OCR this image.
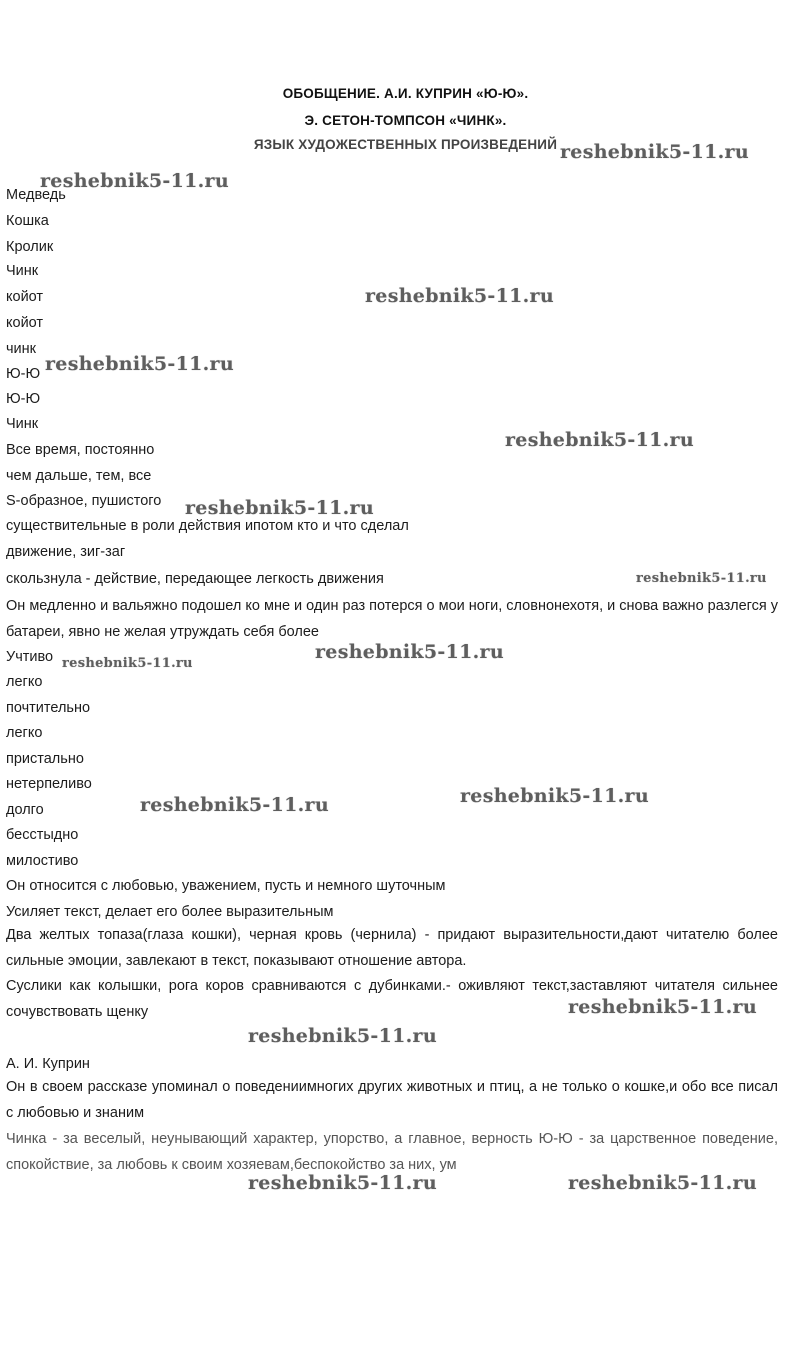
ОБОБЩЕНИЕ. А.И. КУПРИН «Ю-Ю».
Э. СЕТОН-ТОМПСОН «ЧИНК».
ЯЗЫК ХУДОЖЕСТВЕННЫХ ПРОИЗВЕДЕНИЙ
Медведь
Кошка
Кролик
Чинк
койот
койот
чинк
Ю-Ю
Ю-Ю
Чинк
Все время, постоянно
чем дальше, тем, все
S-образное, пушистого
существительные в роли действия ипотом кто и что сделал
движение, зиг-заг
скользнула - действие, передающее легкость движения
Он медленно и вальяжно подошел ко мне и один раз потерся о мои ноги, словнонехотя, и снова важно разлегся у батареи, явно не желая утруждать себя более
Учтиво
легко
почтительно
легко
пристально
нетерпеливо
долго
бесстыдно
милостиво
Он относится с любовью, уважением, пусть и немного шуточным
Усиляет текст, делает его более выразительным
Два желтых топаза(глаза кошки), черная кровь (чернила) - придают выразительности,дают читателю более сильные эмоции, завлекают в текст, показывают отношение автора.
Суслики как колышки, рога коров сравниваются с дубинками.- оживляют текст,заставляют читателя сильнее сочувствовать щенку
А. И. Куприн
Он в своем рассказе упоминал о поведениимногих других животных и птиц, а не только о кошке,и обо все писал с любовью и знаним
Чинка - за веселый, неунывающий характер, упорство, а главное, верность Ю-Ю - за царственное поведение, спокойствие, за любовь к своим хозяевам,беспокойство за них, ум
reshebnik5-11.ru
reshebnik5-11.ru
reshebnik5-11.ru
reshebnik5-11.ru
reshebnik5-11.ru
reshebnik5-11.ru
reshebnik5-11.ru
reshebnik5-11.ru
reshebnik5-11.ru
reshebnik5-11.ru
reshebnik5-11.ru
reshebnik5-11.ru
reshebnik5-11.ru
reshebnik5-11.ru	reshebnik5-11.ru
